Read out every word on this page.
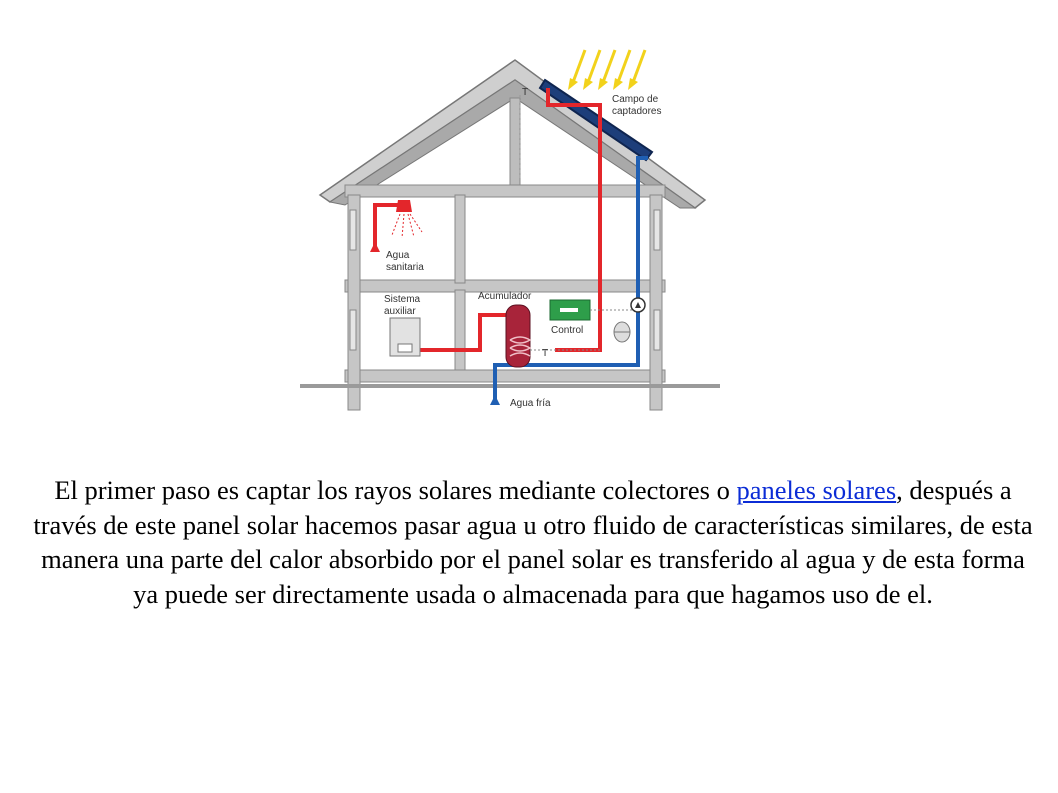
Campo de
captadores
T
Agua
sanitaria
Sistema
auxiliar
Acumulador
Control
T
Agua fría

El primer paso es captar los rayos solares mediante colectores o paneles solares, después a través de este panel solar hacemos pasar agua u otro fluido de características similares, de esta manera una parte del calor absorbido por el panel solar es transferido al agua y de esta forma ya puede ser directamente usada o almacenada para que hagamos uso de el.
